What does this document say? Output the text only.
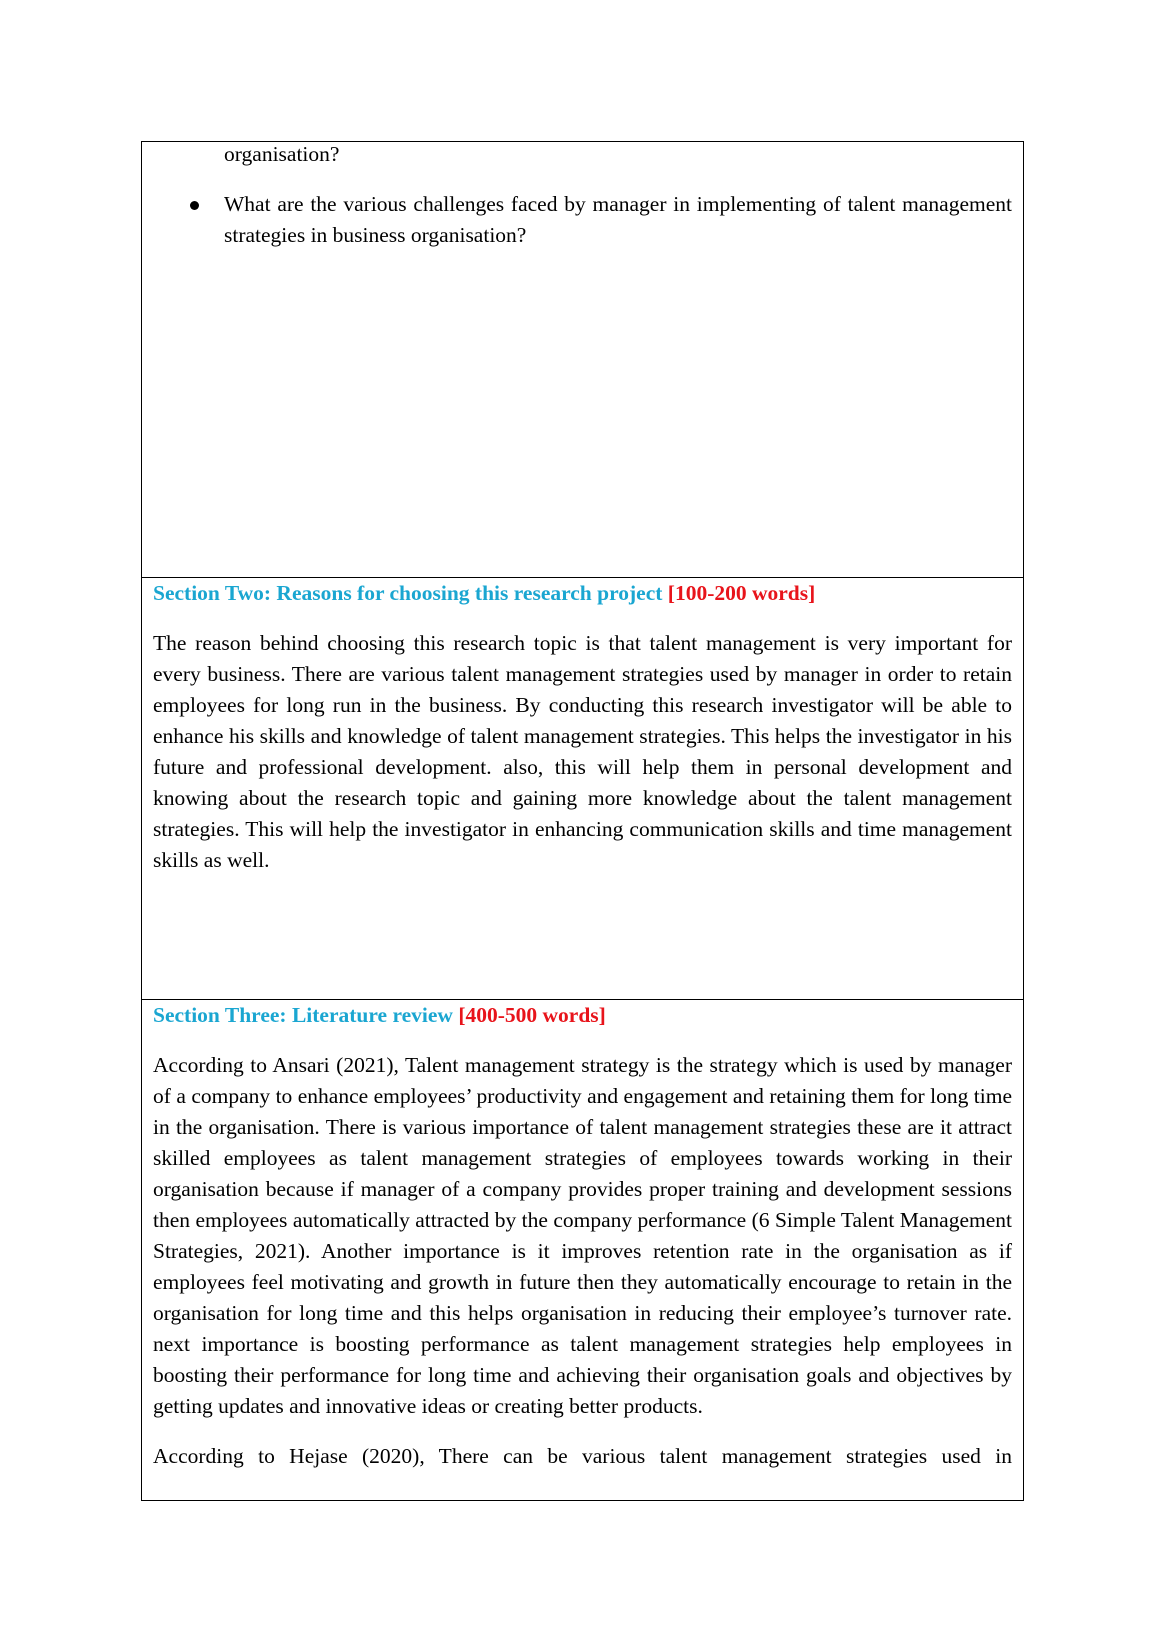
organisation?

What are the various challenges faced by manager in implementing of talent management strategies in business organisation?

Section Two: Reasons for choosing this research project [100-200 words]

The reason behind choosing this research topic is that talent management is very important for every business. There are various talent management strategies used by manager in order to retain employees for long run in the business. By conducting this research investigator will be able to enhance his skills and knowledge of talent management strategies. This helps the investigator in his future and professional development. also, this will help them in personal development and knowing about the research topic and gaining more knowledge about the talent management strategies. This will help the investigator in enhancing communication skills and time management skills as well.

Section Three: Literature review [400-500 words]

According to Ansari (2021), Talent management strategy is the strategy which is used by manager of a company to enhance employees’ productivity and engagement and retaining them for long time in the organisation. There is various importance of talent management strategies these are it attract skilled employees as talent management strategies of employees towards working in their organisation because if manager of a company provides proper training and development sessions then employees automatically attracted by the company performance (6 Simple Talent Management Strategies, 2021). Another importance is it improves retention rate in the organisation as if employees feel motivating and growth in future then they automatically encourage to retain in the organisation for long time and this helps organisation in reducing their employee’s turnover rate. next importance is boosting performance as talent management strategies help employees in boosting their performance for long time and achieving their organisation goals and objectives by getting updates and innovative ideas or creating better products.

According to Hejase (2020), There can be various talent management strategies used in
